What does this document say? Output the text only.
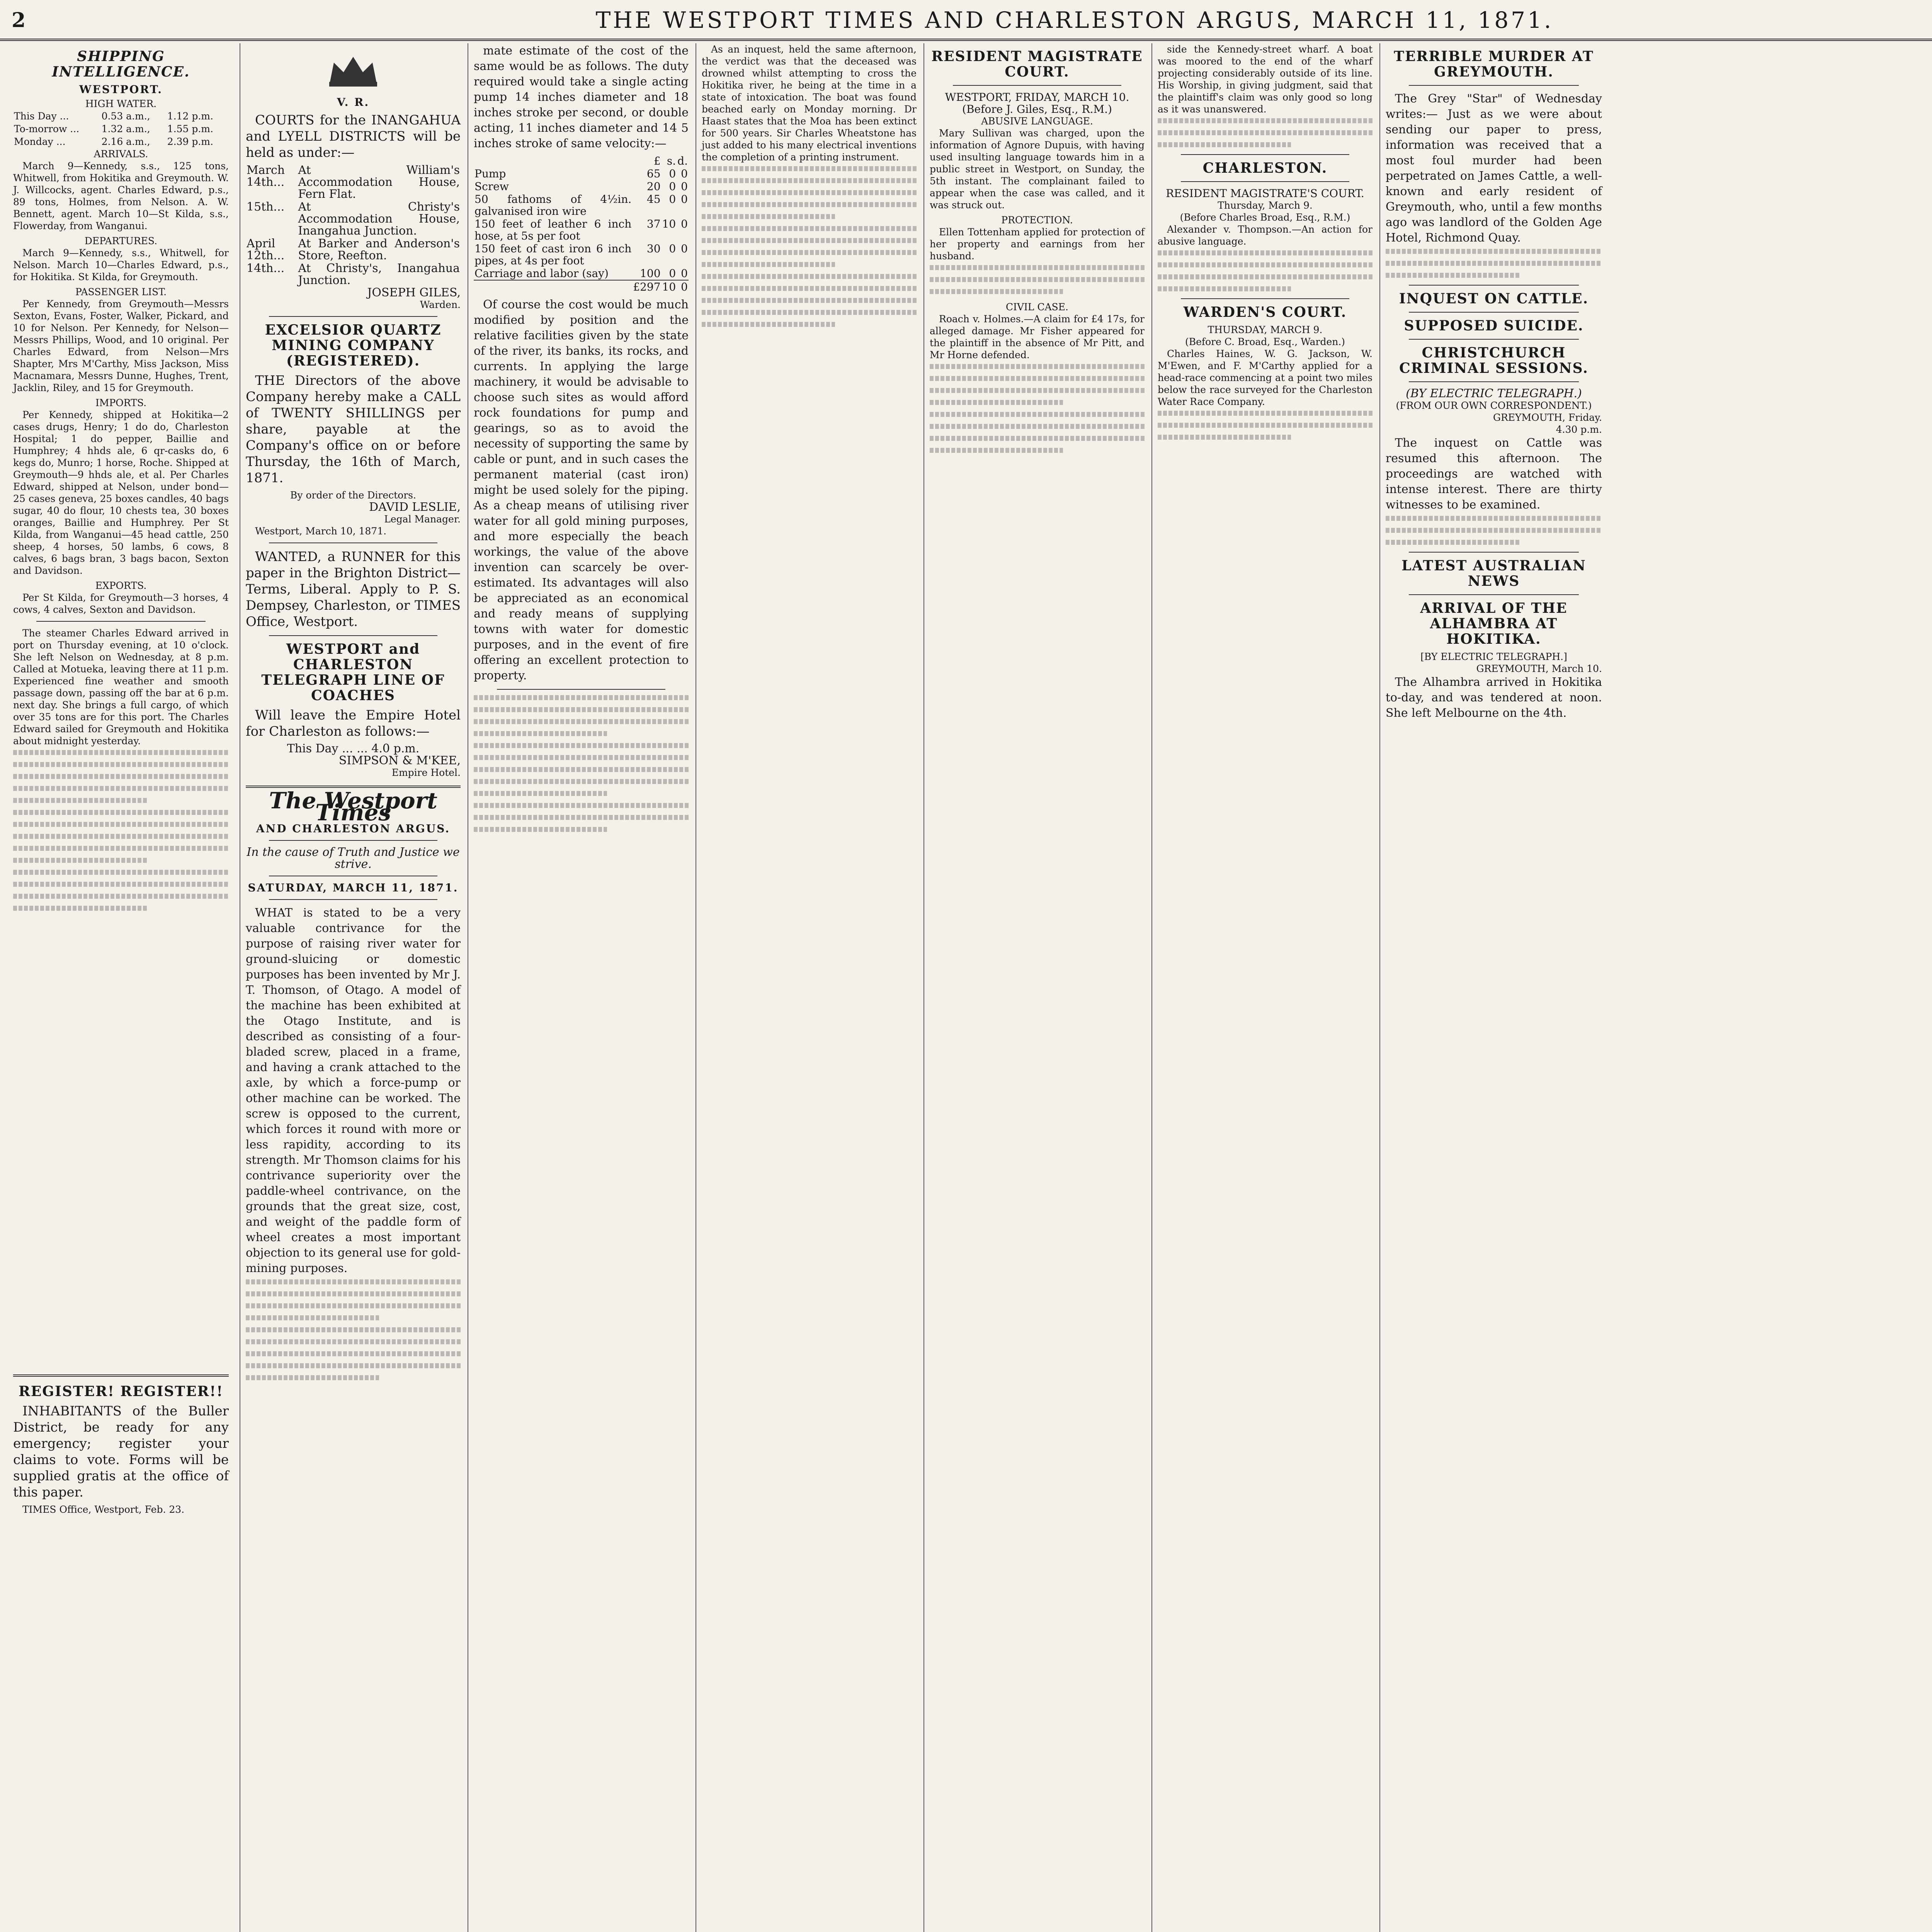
2	THE WESTPORT TIMES AND CHARLESTON ARGUS, MARCH 11, 1871.
SHIPPING INTELLIGENCE.
WESTPORT.
HIGH WATER.
This Day ...	0.53 a.m.,	1.12 p.m.
To-morrow ...	1.32 a.m.,	1.55 p.m.
Monday ...	2.16 a.m.,	2.39 p.m.
ARRIVALS.

March 9—Kennedy, s.s., 125 tons, Whitwell, from Hokitika and Greymouth. W. J. Willcocks, agent. Charles Edward, p.s., 89 tons, Holmes, from Nelson. A. W. Bennett, agent. March 10—St Kilda, s.s., Flowerday, from Wanganui.

DEPARTURES.

March 9—Kennedy, s.s., Whitwell, for Nelson. March 10—Charles Edward, p.s., for Hokitika. St Kilda, for Greymouth.

PASSENGER LIST.

Per Kennedy, from Greymouth—Messrs Sexton, Evans, Foster, Walker, Pickard, and 10 for Nelson. Per Kennedy, for Nelson—Messrs Phillips, Wood, and 10 original. Per Charles Edward, from Nelson—Mrs Shapter, Mrs M'Carthy, Miss Jackson, Miss Macnamara, Messrs Dunne, Hughes, Trent, Jacklin, Riley, and 15 for Greymouth.

IMPORTS.

Per Kennedy, shipped at Hokitika—2 cases drugs, Henry; 1 do do, Charleston Hospital; 1 do pepper, Baillie and Humphrey; 4 hhds ale, 6 qr-casks do, 6 kegs do, Munro; 1 horse, Roche. Shipped at Greymouth—9 hhds ale, et al. Per Charles Edward, shipped at Nelson, under bond—25 cases geneva, 25 boxes candles, 40 bags sugar, 40 do flour, 10 chests tea, 30 boxes oranges, Baillie and Humphrey. Per St Kilda, from Wanganui—45 head cattle, 250 sheep, 4 horses, 50 lambs, 6 cows, 8 calves, 6 bags bran, 3 bags bacon, Sexton and Davidson.

EXPORTS.

Per St Kilda, for Greymouth—3 horses, 4 cows, 4 calves, Sexton and Davidson.

The steamer Charles Edward arrived in port on Thursday evening, at 10 o'clock. She left Nelson on Wednesday, at 8 p.m. Called at Motueka, leaving there at 11 p.m. Experienced fine weather and smooth passage down, passing off the bar at 6 p.m. next day. She brings a full cargo, of which over 35 tons are for this port. The Charles Edward sailed for Greymouth and Hokitika about midnight yesterday.

REGISTER! REGISTER!!

INHABITANTS of the Buller District, be ready for any emergency; register your claims to vote. Forms will be supplied gratis at the office of this paper.

TIMES Office, Westport, Feb. 23.

V. R.

COURTS for the INANGAHUA and LYELL DISTRICTS will be held as under:—

March 14th...	At William's Accommodation House, Fern Flat.
15th...	At Christy's Accommodation House, Inangahua Junction.
April 12th...	At Barker and Anderson's Store, Reefton.
14th...	At Christy's, Inangahua Junction.
JOSEPH GILES,
Warden.
EXCELSIOR QUARTZ MINING COMPANY (REGISTERED).

THE Directors of the above Company hereby make a CALL of TWENTY SHILLINGS per share, payable at the Company's office on or before Thursday, the 16th of March, 1871.

By order of the Directors.
DAVID LESLIE,
Legal Manager.

Westport, March 10, 1871.

WANTED, a RUNNER for this paper in the Brighton District—Terms, Liberal. Apply to P. S. Dempsey, Charleston, or TIMES Office, Westport.

WESTPORT and CHARLESTON TELEGRAPH LINE OF COACHES

Will leave the Empire Hotel for Charleston as follows:—

This Day ... ... 4.0 p.m.
SIMPSON & M'KEE,
Empire Hotel.
The Westport Times
AND CHARLESTON ARGUS.
In the cause of Truth and Justice we strive.
SATURDAY, MARCH 11, 1871.

WHAT is stated to be a very valuable contrivance for the purpose of raising river water for ground-sluicing or domestic purposes has been invented by Mr J. T. Thomson, of Otago. A model of the machine has been exhibited at the Otago Institute, and is described as consisting of a four-bladed screw, placed in a frame, and having a crank attached to the axle, by which a force-pump or other machine can be worked. The screw is opposed to the current, which forces it round with more or less rapidity, according to its strength. Mr Thomson claims for his contrivance superiority over the paddle-wheel contrivance, on the grounds that the great size, cost, and weight of the paddle form of wheel creates a most important objection to its general use for gold-mining purposes.

mate estimate of the cost of the same would be as follows. The duty required would take a single acting pump 14 inches diameter and 18 inches stroke per second, or double acting, 11 inches diameter and 14 5 inches stroke of same velocity:—

	£	s.	d.
Pump	65	0	0
Screw	20	0	0
50 fathoms of 4½in. galvanised iron wire	45	0	0
150 feet of leather 6 inch hose, at 5s per foot	37	10	0
150 feet of cast iron 6 inch pipes, at 4s per foot	30	0	0
Carriage and labor (say)	100	0	0
	£297	10	0

Of course the cost would be much modified by position and the relative facilities given by the state of the river, its banks, its rocks, and currents. In applying the large machinery, it would be advisable to choose such sites as would afford rock foundations for pump and gearings, so as to avoid the necessity of supporting the same by cable or punt, and in such cases the permanent material (cast iron) might be used solely for the piping. As a cheap means of utilising river water for all gold mining purposes, and more especially the beach workings, the value of the above invention can scarcely be over-estimated. Its advantages will also be appreciated as an economical and ready means of supplying towns with water for domestic purposes, and in the event of fire offering an excellent protection to property.

As an inquest, held the same afternoon, the verdict was that the deceased was drowned whilst attempting to cross the Hokitika river, he being at the time in a state of intoxication. The boat was found beached early on Monday morning. Dr Haast states that the Moa has been extinct for 500 years. Sir Charles Wheatstone has just added to his many electrical inventions the completion of a printing instrument.

RESIDENT MAGISTRATE COURT.
WESTPORT, FRIDAY, MARCH 10.
(Before J. Giles, Esq., R.M.)
ABUSIVE LANGUAGE.

Mary Sullivan was charged, upon the information of Agnore Dupuis, with having used insulting language towards him in a public street in Westport, on Sunday, the 5th instant. The complainant failed to appear when the case was called, and it was struck out.

PROTECTION.

Ellen Tottenham applied for protection of her property and earnings from her husband.

CIVIL CASE.

Roach v. Holmes.—A claim for £4 17s, for alleged damage. Mr Fisher appeared for the plaintiff in the absence of Mr Pitt, and Mr Horne defended.

side the Kennedy-street wharf. A boat was moored to the end of the wharf projecting considerably outside of its line. His Worship, in giving judgment, said that the plaintiff's claim was only good so long as it was unanswered.

CHARLESTON.
RESIDENT MAGISTRATE'S COURT.
Thursday, March 9.
(Before Charles Broad, Esq., R.M.)

Alexander v. Thompson.—An action for abusive language.

WARDEN'S COURT.
THURSDAY, MARCH 9.
(Before C. Broad, Esq., Warden.)

Charles Haines, W. G. Jackson, W. M'Ewen, and F. M'Carthy applied for a head-race commencing at a point two miles below the race surveyed for the Charleston Water Race Company.

TERRIBLE MURDER AT GREYMOUTH.

The Grey "Star" of Wednesday writes:— Just as we were about sending our paper to press, information was received that a most foul murder had been perpetrated on James Cattle, a well-known and early resident of Greymouth, who, until a few months ago was landlord of the Golden Age Hotel, Richmond Quay.

INQUEST ON CATTLE.
SUPPOSED SUICIDE.
CHRISTCHURCH CRIMINAL SESSIONS.
(BY ELECTRIC TELEGRAPH.)
(FROM OUR OWN CORRESPONDENT.)
GREYMOUTH, Friday.
4.30 p.m.

The inquest on Cattle was resumed this afternoon. The proceedings are watched with intense interest. There are thirty witnesses to be examined.

LATEST AUSTRALIAN NEWS
ARRIVAL OF THE ALHAMBRA AT HOKITIKA.
[BY ELECTRIC TELEGRAPH.]
GREYMOUTH, March 10.

The Alhambra arrived in Hokitika to-day, and was tendered at noon. She left Melbourne on the 4th.
